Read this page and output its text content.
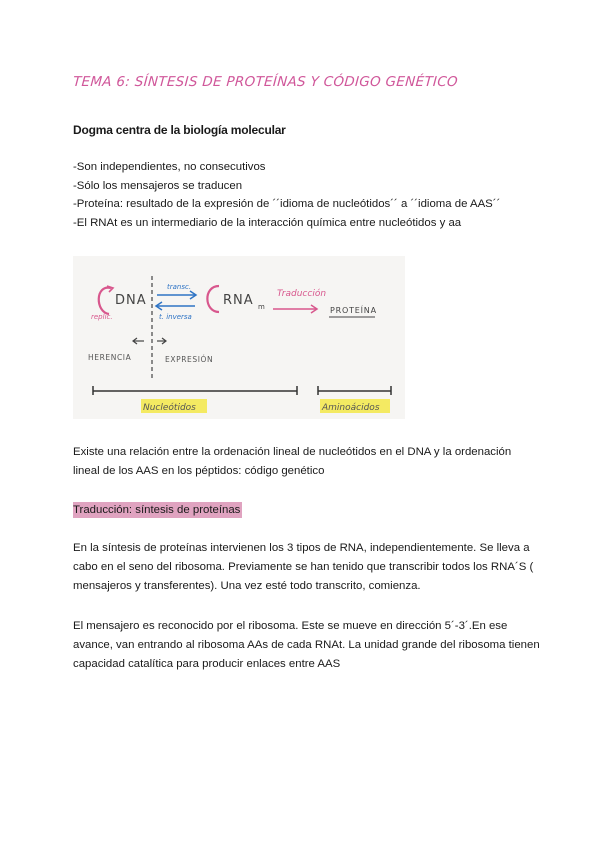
TEMA 6: SÍNTESIS DE PROTEÍNAS Y CÓDIGO GENÉTICO
Dogma centra de la biología molecular
-Son independientes, no consecutivos
-Sólo los mensajeros se traducen
-Proteína: resultado de la expresión de ´´idioma de nucleótidos´´ a ´´idioma de AAS´´
-El RNAt es un intermediario de la interacción química entre nucleótidos y aa
DNA
replic.
transc.
t. inversa
RNA m
Traducción
PROTEÍNA
HERENCIA	EXPRESIÓN
Nucleótidos	Aminoácidos
Existe una relación entre la ordenación lineal de nucleótidos en el DNA y la ordenación lineal de los AAS en los péptidos: código genético
Traducción: síntesis de proteínas
En la síntesis de proteínas intervienen los 3 tipos de RNA, independientemente. Se lleva a cabo en el seno del ribosoma. Previamente se han tenido que transcribir todos los RNA´S ( mensajeros y transferentes). Una vez esté todo transcrito, comienza.
El mensajero es reconocido por el ribosoma. Este se mueve en dirección 5´-3´.En ese avance, van entrando al ribosoma AAs de cada RNAt. La unidad grande del ribosoma tienen capacidad catalítica para producir enlaces entre AAS
